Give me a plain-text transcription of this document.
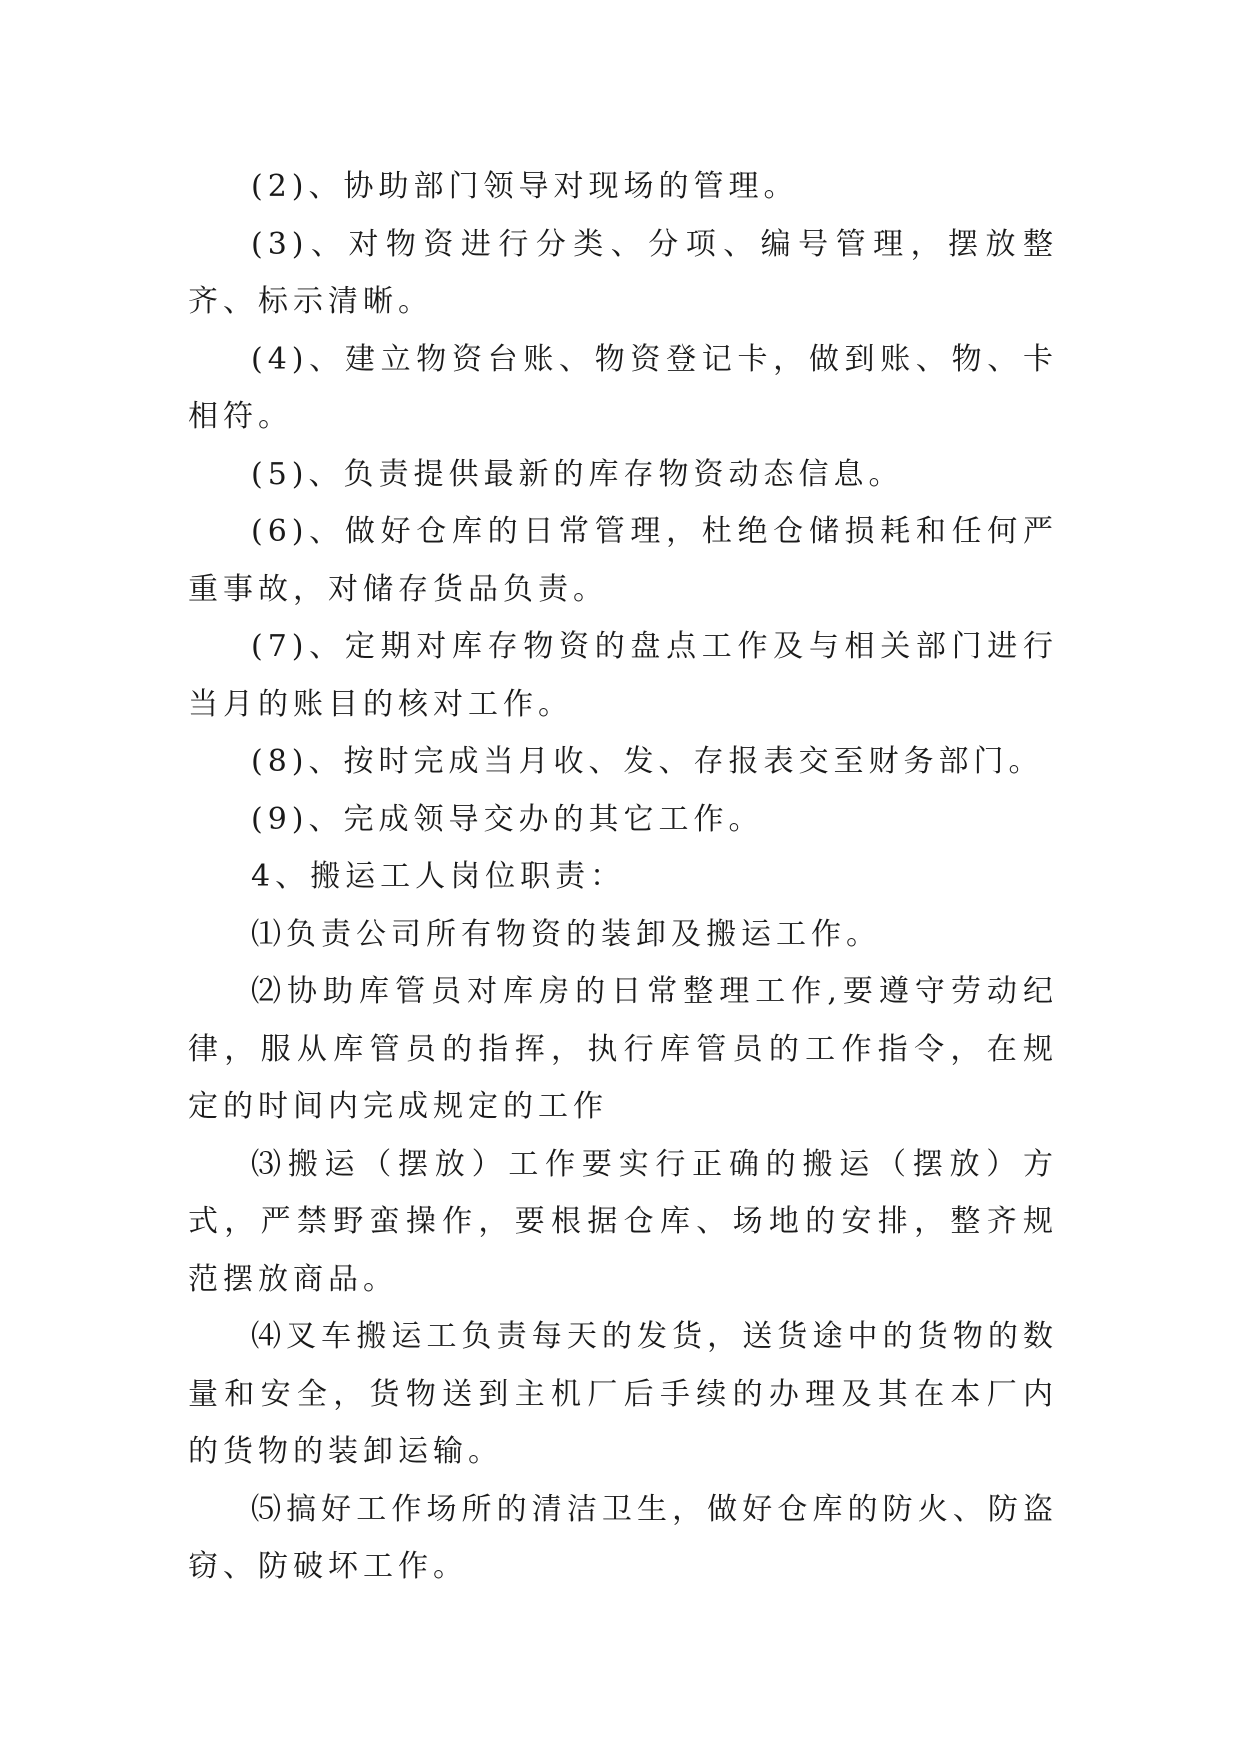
(2)、协助部门领导对现场的管理。

(3)、对物资进行分类、分项、编号管理，摆放整齐、标示清晰。

(4)、建立物资台账、物资登记卡，做到账、物、卡相符。

(5)、负责提供最新的库存物资动态信息。

(6)、做好仓库的日常管理，杜绝仓储损耗和任何严重事故，对储存货品负责。

(7)、定期对库存物资的盘点工作及与相关部门进行当月的账目的核对工作。

(8)、按时完成当月收、发、存报表交至财务部门。

(9)、完成领导交办的其它工作。

4、搬运工人岗位职责：

⑴负责公司所有物资的装卸及搬运工作。

⑵协助库管员对库房的日常整理工作,要遵守劳动纪律，服从库管员的指挥，执行库管员的工作指令，在规定的时间内完成规定的工作

⑶搬运（摆放）工作要实行正确的搬运（摆放）方式，严禁野蛮操作，要根据仓库、场地的安排，整齐规范摆放商品。

⑷叉车搬运工负责每天的发货，送货途中的货物的数量和安全，货物送到主机厂后手续的办理及其在本厂内的货物的装卸运输。

⑸搞好工作场所的清洁卫生，做好仓库的防火、防盗窃、防破坏工作。
